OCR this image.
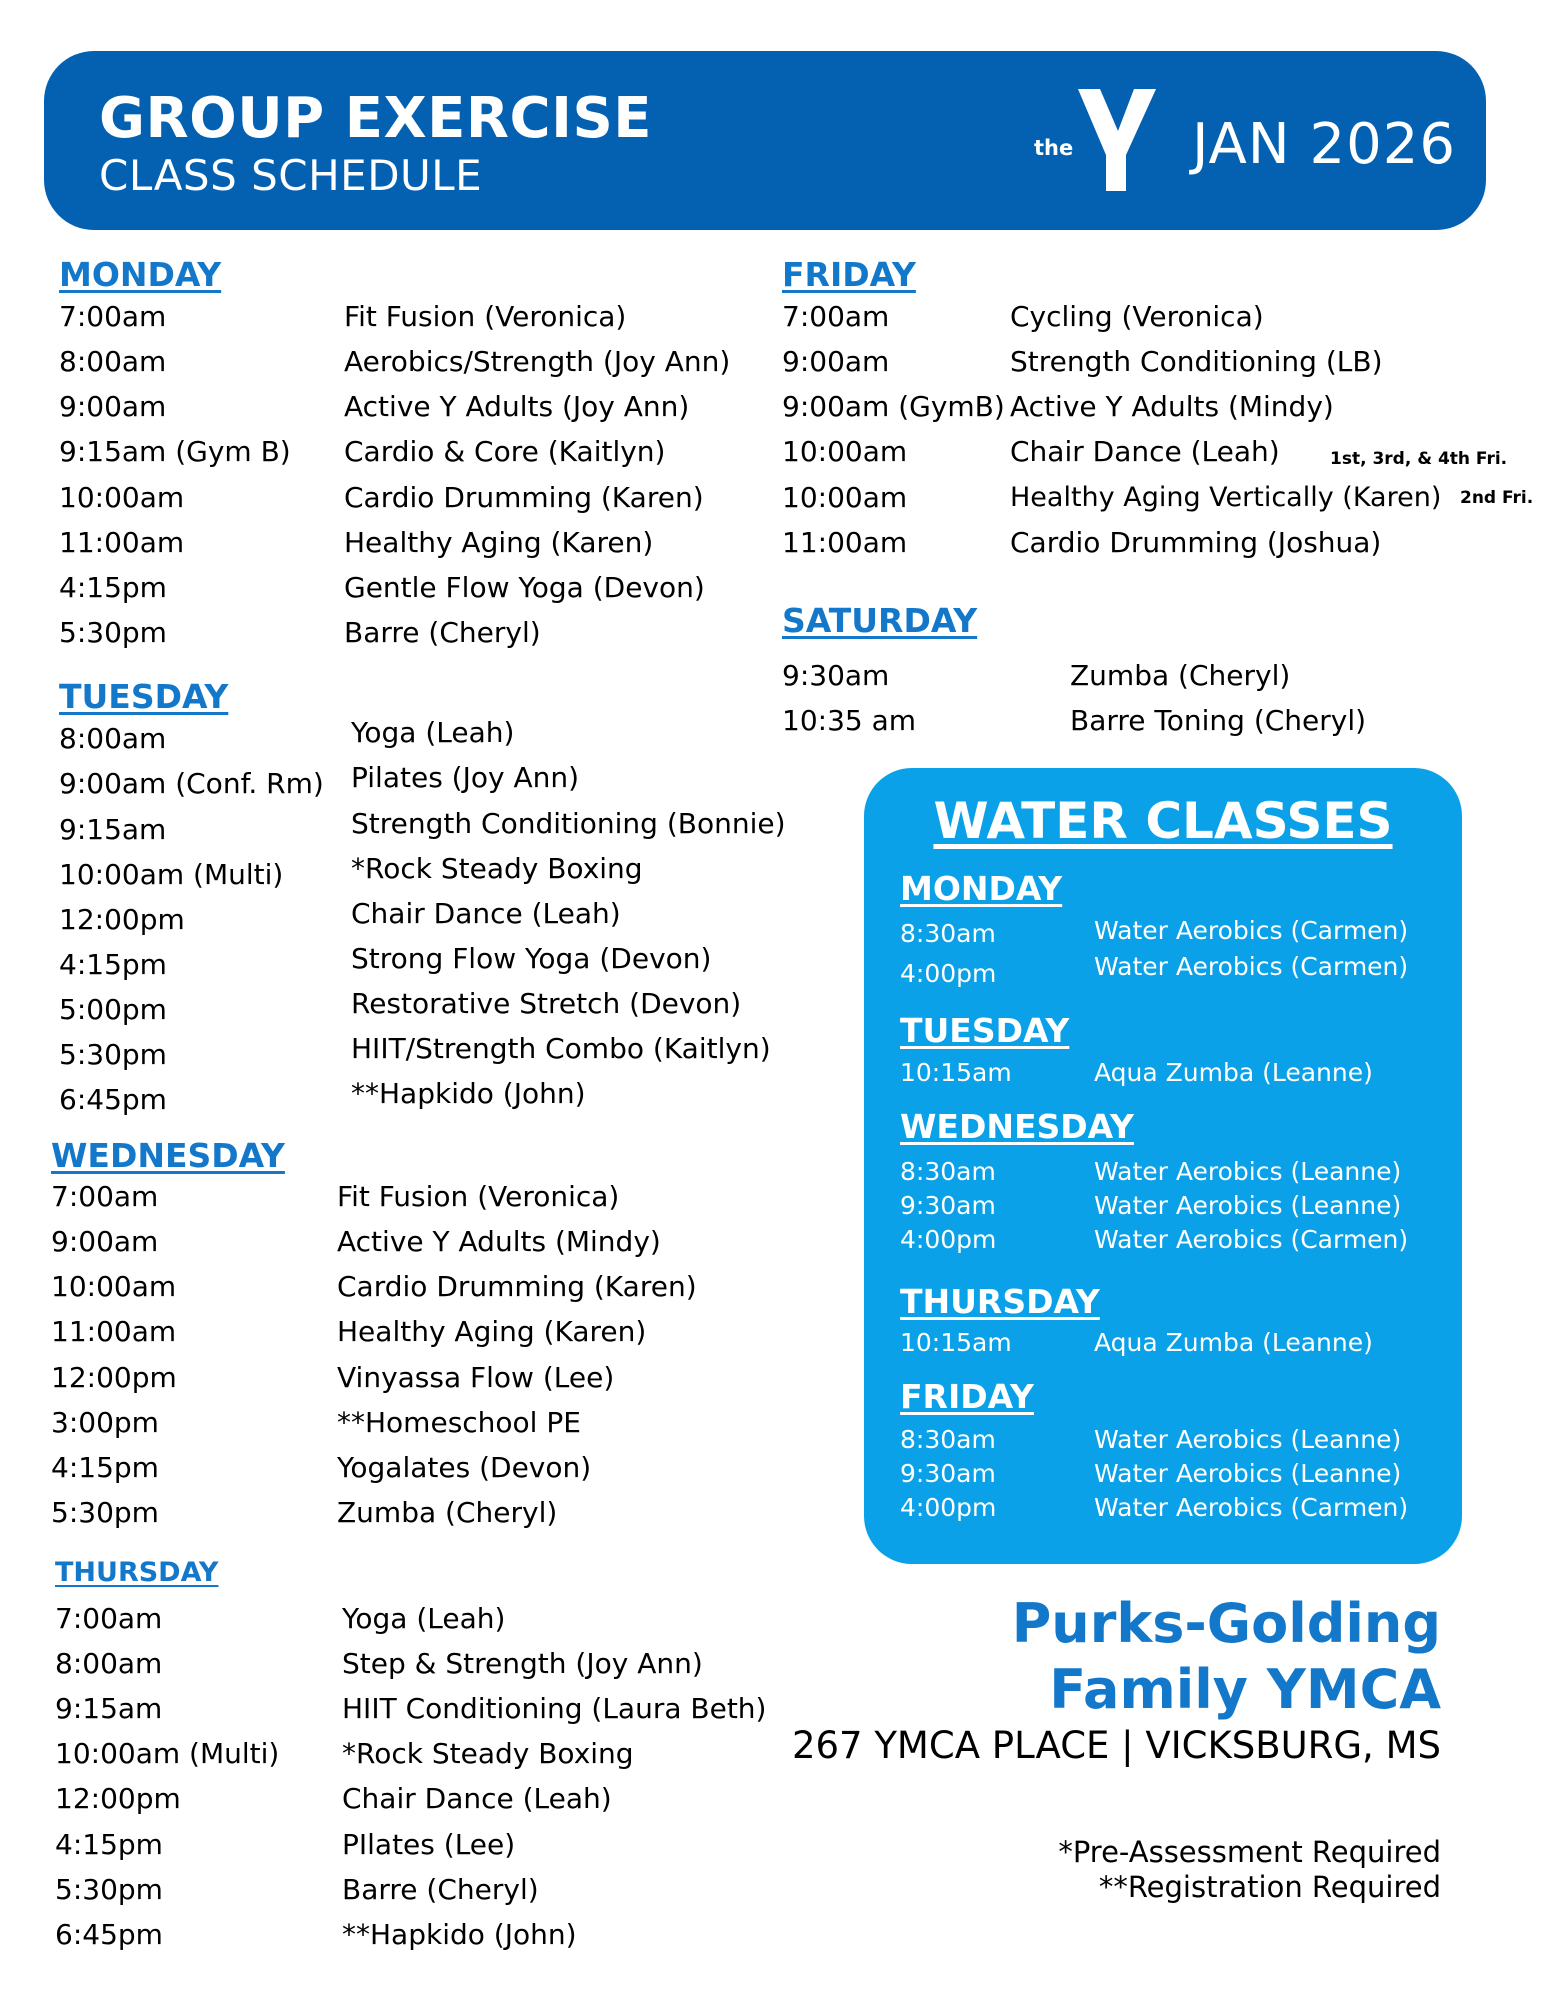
GROUP EXERCISE
CLASS SCHEDULE
the
YMCA
JAN 2026
MONDAY
7:00am	Fit Fusion (Veronica)
8:00am	Aerobics/Strength (Joy Ann)
9:00am	Active Y Adults (Joy Ann)
9:15am (Gym B) Cardio & Core (Kaitlyn)
10:00am	Cardio Drumming (Karen)
11:00am	Healthy Aging (Karen)
4:15pm	Gentle Flow Yoga (Devon)
5:30pm	Barre (Cheryl)
TUESDAY
8:00am	Yoga (Leah)
9:00am (Conf. Rm) Pilates (Joy Ann)
9:15am	Strength Conditioning (Bonnie)
10:00am (Multi) *Rock Steady Boxing
12:00pm	Chair Dance (Leah)
4:15pm	Strong Flow Yoga (Devon)
5:00pm	Restorative Stretch (Devon)
5:30pm	HIIT/Strength Combo (Kaitlyn)
6:45pm	**Hapkido (John)
WEDNESDAY
7:00am	Fit Fusion (Veronica)
9:00am	Active Y Adults (Mindy)
10:00am	Cardio Drumming (Karen)
11:00am	Healthy Aging (Karen)
12:00pm	Vinyassa Flow (Lee)
3:00pm	**Homeschool PE
4:15pm	Yogalates (Devon)
5:30pm	Zumba (Cheryl)
THURSDAY
7:00am	Yoga (Leah)
8:00am	Step & Strength (Joy Ann)
9:15am	HIIT Conditioning (Laura Beth)
10:00am (Multi) *Rock Steady Boxing
12:00pm	Chair Dance (Leah)
4:15pm	PIlates (Lee)
5:30pm	Barre (Cheryl)
6:45pm	**Hapkido (John)
FRIDAY
7:00am	Cycling (Veronica)
9:00am	Strength Conditioning (LB)
9:00am (GymB) Active Y Adults (Mindy)
10:00am	Chair Dance (Leah)
10:00am	Healthy Aging Vertically (Karen)
11:00am	Cardio Drumming (Joshua)
1st, 3rd, & 4th Fri.
2nd Fri.
SATURDAY
9:30am	Zumba (Cheryl)
10:35 am	Barre Toning (Cheryl)
WATER CLASSES
MONDAY
8:30am	Water Aerobics (Carmen)
4:00pm	Water Aerobics (Carmen)
TUESDAY
10:15am	Aqua Zumba (Leanne)
WEDNESDAY
8:30am	Water Aerobics (Leanne)
9:30am	Water Aerobics (Leanne)
4:00pm	Water Aerobics (Carmen)
THURSDAY
10:15am	Aqua Zumba (Leanne)
FRIDAY
8:30am	Water Aerobics (Leanne)
9:30am	Water Aerobics (Leanne)
4:00pm	Water Aerobics (Carmen)
Purks-Golding
Family YMCA
267 YMCA PLACE | VICKSBURG, MS
*Pre-Assessment Required
**Registration Required
